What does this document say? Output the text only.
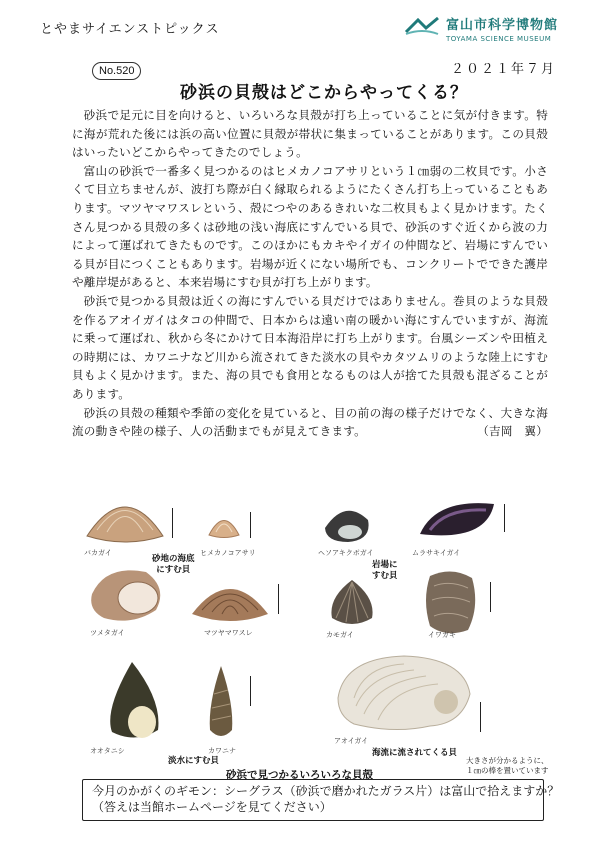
とやまサイエンストピックス	富山市科学博物館
TOYAMA SCIENCE MUSEUM
No.520	２０２１年７月
砂浜の貝殻はどこからやってくる？

砂浜で足元に目を向けると、いろいろな貝殻が打ち上っていることに気が付きます。特に海が荒れた後には浜の高い位置に貝殻が帯状に集まっていることがあります。この貝殻はいったいどこからやってきたのでしょう。

富山の砂浜で一番多く見つかるのはヒメカノコアサリという１㎝弱の二枚貝です。小さくて目立ちませんが、波打ち際が白く縁取られるようにたくさん打ち上っていることもあります。マツヤマワスレという、殻につやのあるきれいな二枚貝もよく見かけます。たくさん見つかる貝殻の多くは砂地の浅い海底にすんでいる貝で、砂浜のすぐ近くから波の力によって運ばれてきたものです。このほかにもカキやイガイの仲間など、岩場にすんでいる貝が目につくこともあります。岩場が近くにない場所でも、コンクリートでできた護岸や離岸堤があると、本来岩場にすむ貝が打ち上がります。

砂浜で見つかる貝殻は近くの海にすんでいる貝だけではありません。巻貝のような貝殻を作るアオイガイはタコの仲間で、日本からは遠い南の暖かい海にすんでいますが、海流に乗って運ばれ、秋から冬にかけて日本海沿岸に打ち上がります。台風シーズンや田植えの時期には、カワニナなど川から流されてきた淡水の貝やカタツムリのような陸上にすむ貝もよく見かけます。また、海の貝でも食用となるものは人が捨てた貝殻も混ざることがあります。

砂浜の貝殻の種類や季節の変化を見ていると、目の前の海の様子だけでなく、大きな海流の動きや陸の様子、人の活動までもが見えてきます。	（吉岡　翼）

バカガイ	ヒメカノコアサリ	ヘソアキクボガイ	ムラサキイガイ
砂地の海底
にすむ貝	岩場に
すむ貝
ツメタガイ	マツヤマワスレ	カモガイ	イワガキ
オオタニシ	カワニナ
淡水にすむ貝
アオイガイ
海流に流されてくる貝
砂浜で見つかるいろいろな貝殻
大きさが分かるように、
１㎝の棒を置いています
今月のかがくのギモン：シーグラス（砂浜で磨かれたガラス片）は富山で拾えますか？
（答えは当館ホームページを見てください）
